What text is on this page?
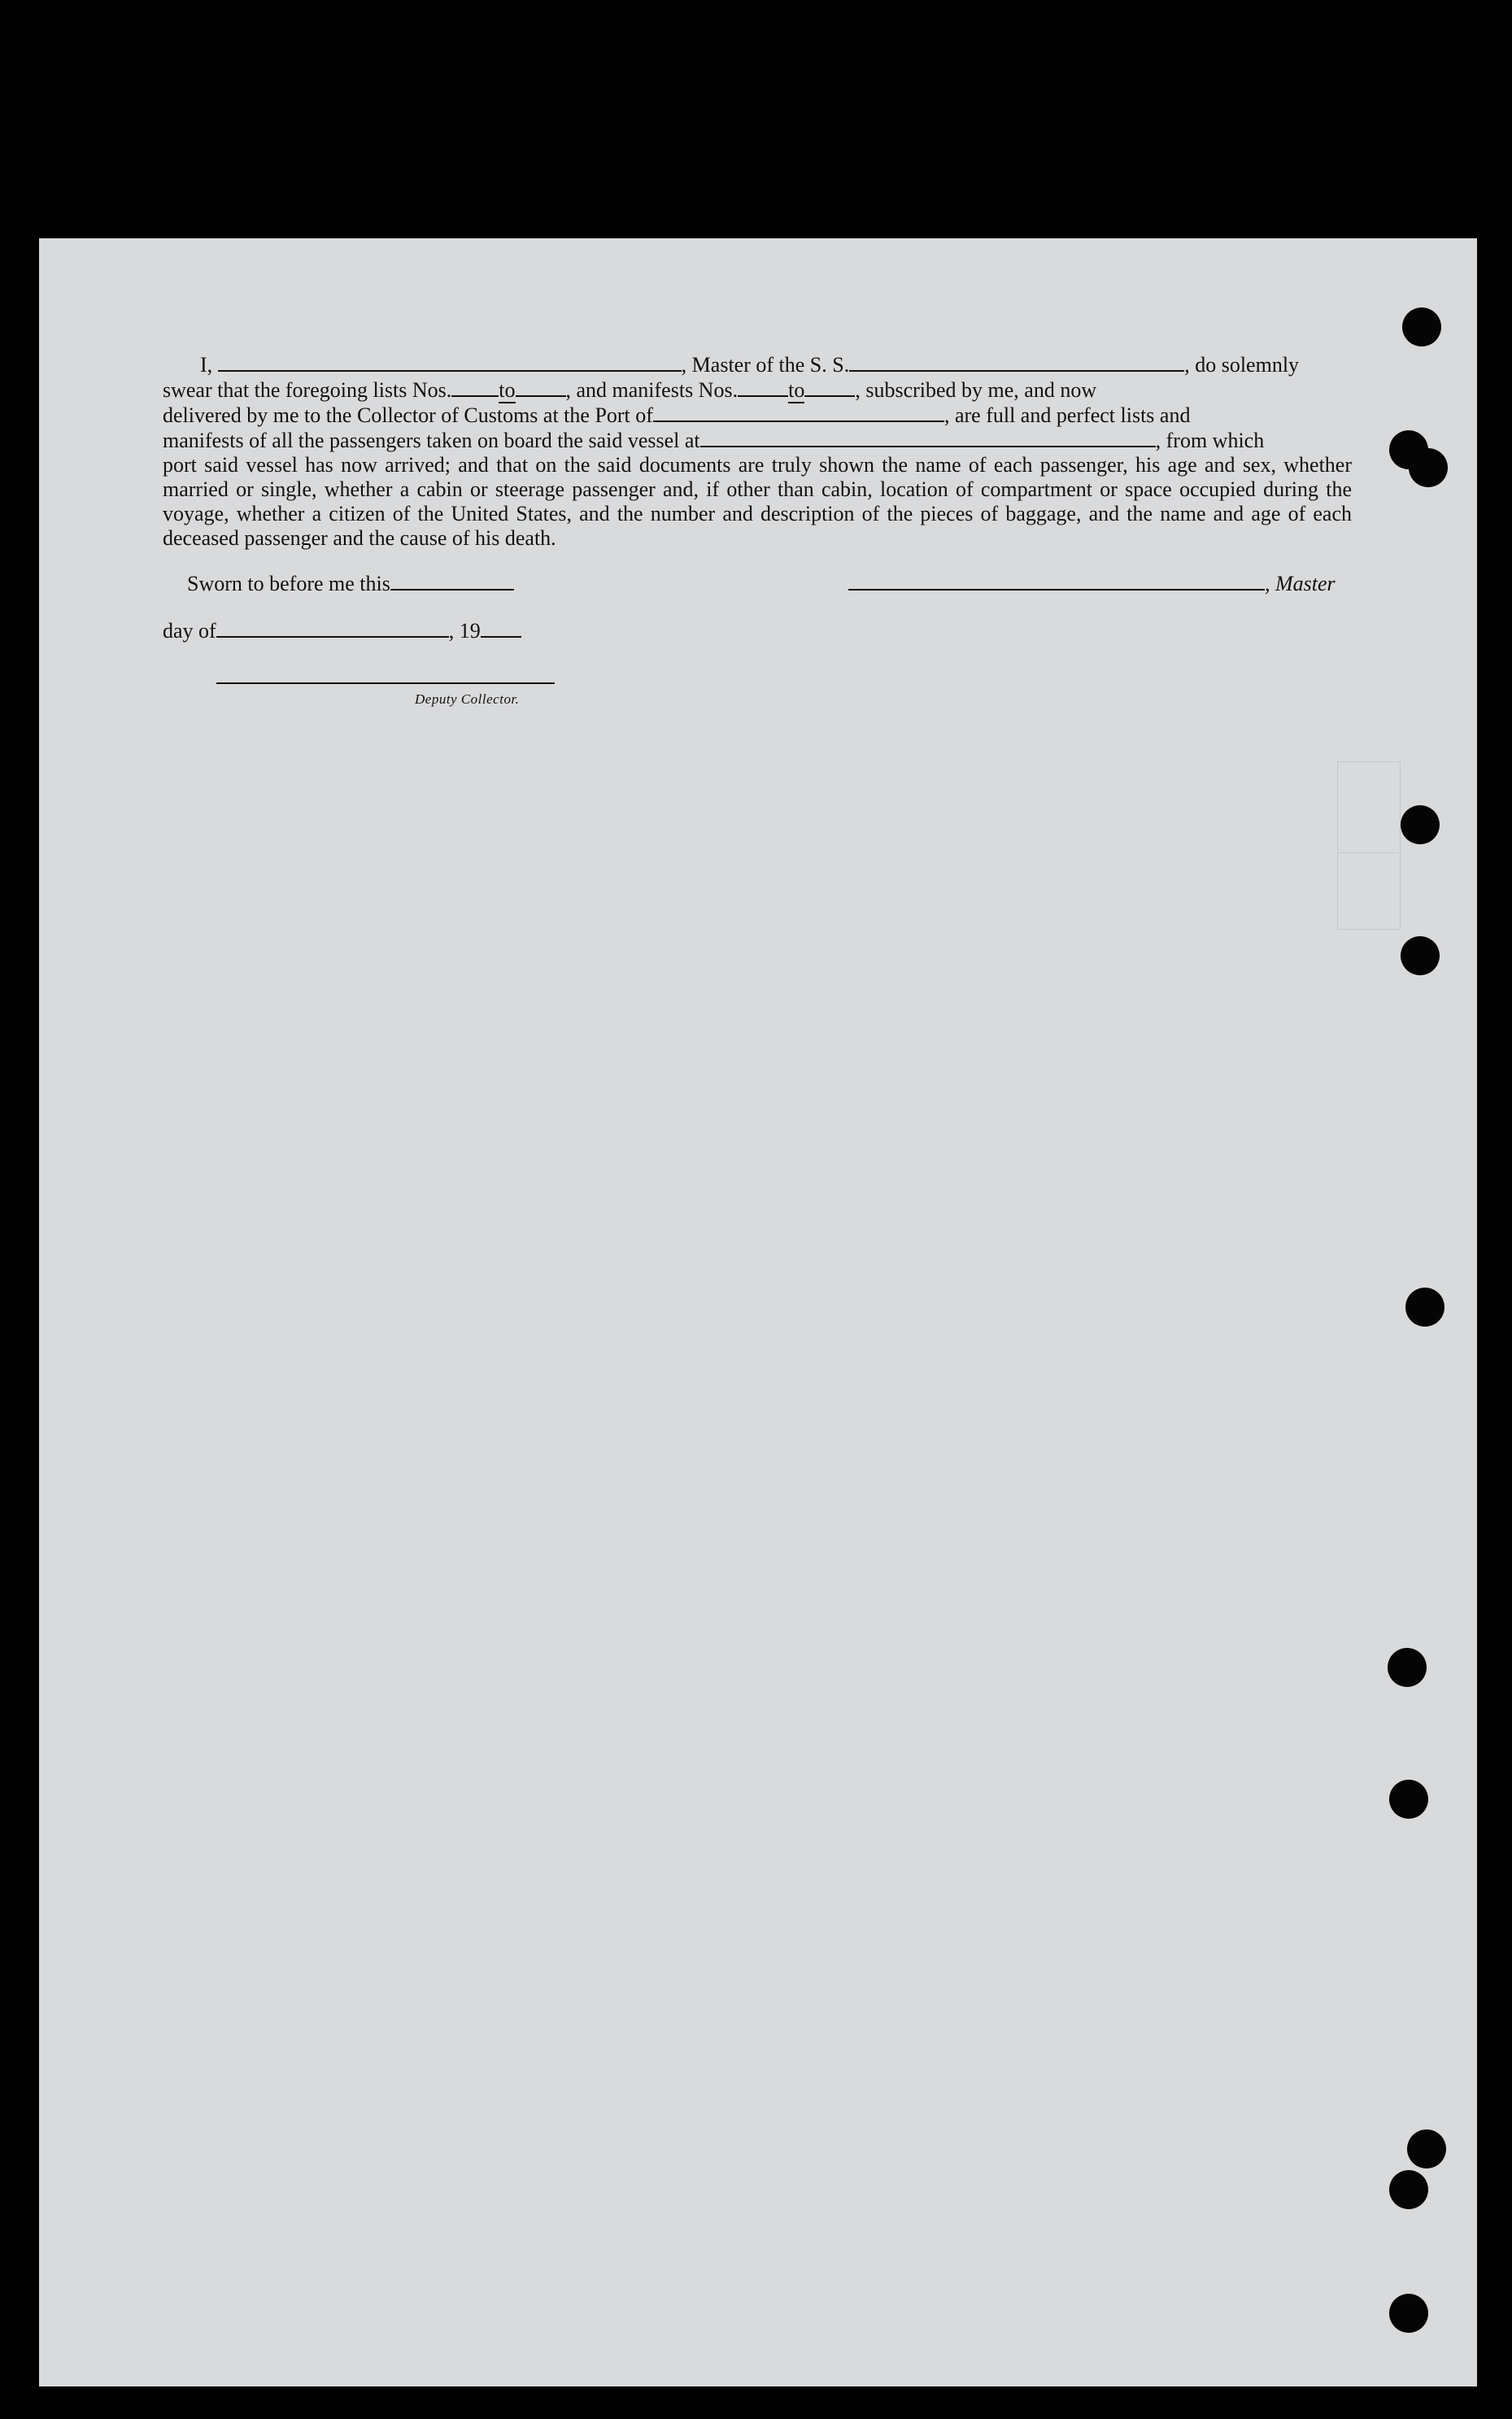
I,	, Master of the S. S.	, do solemnly
swear that the foregoing lists Nos. to , and manifests Nos. to , subscribed by me, and now
delivered by me to the Collector of Customs at the Port of	, are full and perfect lists and
manifests of all the passengers taken on board the said vessel at	, from which
port said vessel has now arrived; and that on the said documents are truly shown the name of each passenger, his age and sex, whether married or single, whether a cabin or steerage passenger and, if other than cabin, location of compartment or space occupied during the voyage, whether a citizen of the United States, and the number and description of the pieces of baggage, and the name and age of each deceased passenger and the cause of his death.
Sworn to before me this	, Master
day of	, 19
Deputy Collector.
